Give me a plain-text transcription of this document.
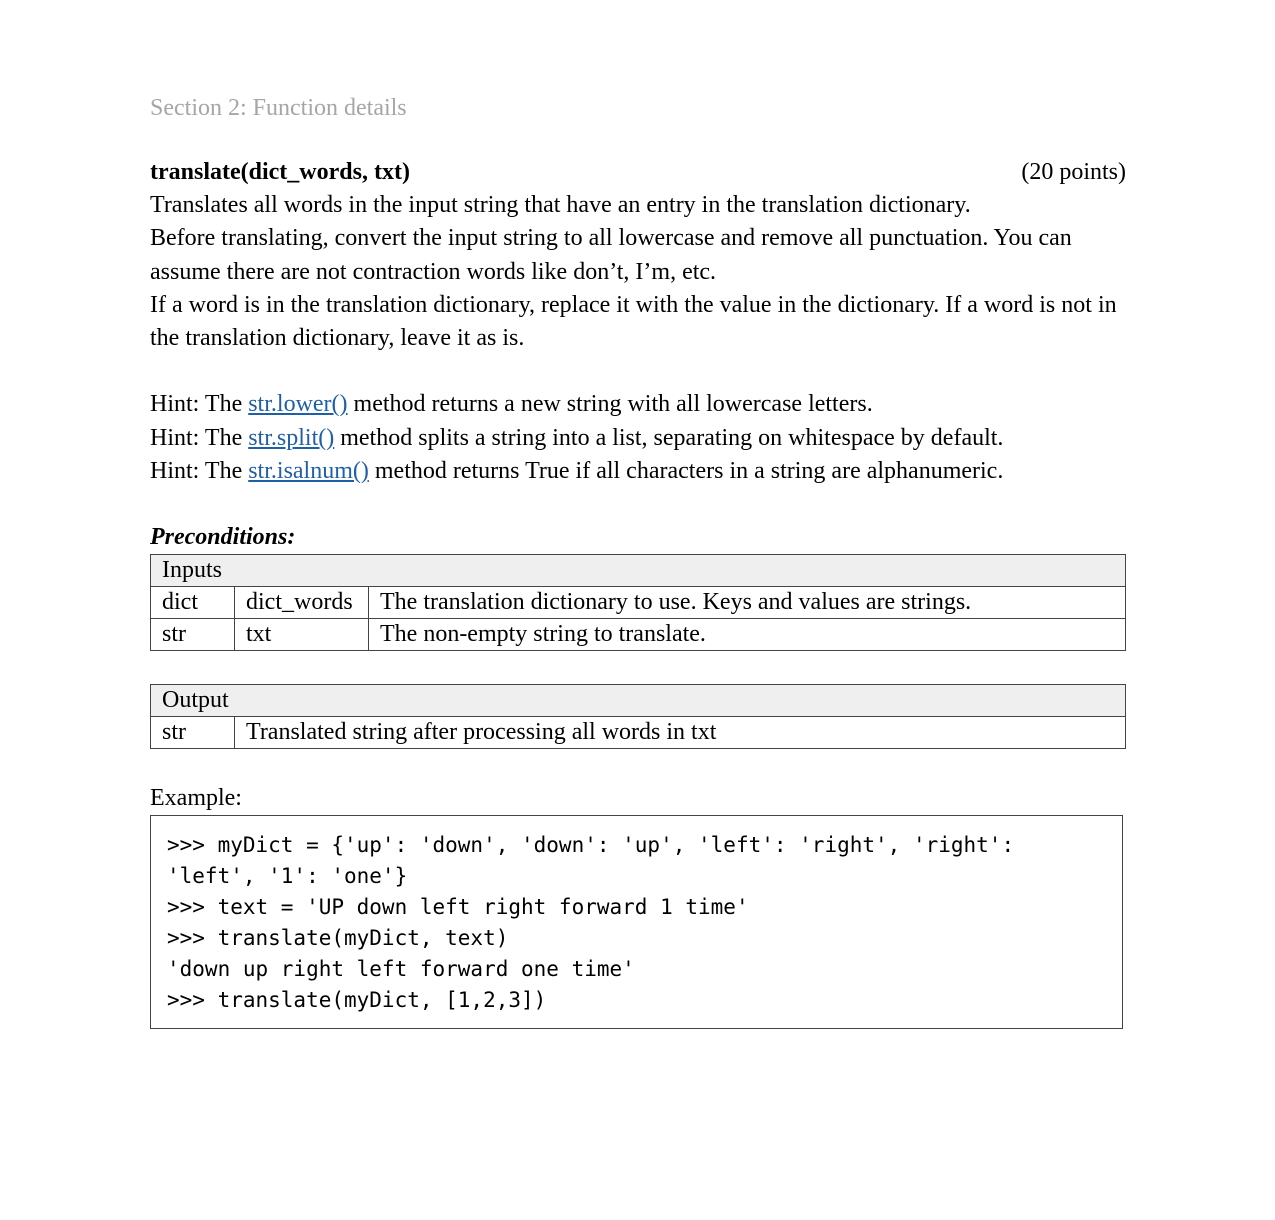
Section 2: Function details

translate(dict_words, txt)	(20 points)

Translates all words in the input string that have an entry in the translation dictionary.

Before translating, convert the input string to all lowercase and remove all punctuation. You can assume there are not contraction words like don’t, I’m, etc.

If a word is in the translation dictionary, replace it with the value in the dictionary. If a word is not in the translation dictionary, leave it as is.

Hint: The str.lower() method returns a new string with all lowercase letters.

Hint: The str.split() method splits a string into a list, separating on whitespace by default.

Hint: The str.isalnum() method returns True if all characters in a string are alphanumeric.

Preconditions:

Inputs		
dict	dict_words	The translation dictionary to use. Keys and values are strings.
str	txt	The non-empty string to translate.
Output
str	Translated string after processing all words in txt
Example:
>>> myDict = {'up': 'down', 'down': 'up', 'left': 'right', 'right':
'left', '1': 'one'}
>>> text = 'UP down left right forward 1 time'
>>> translate(myDict, text)
'down up right left forward one time'
>>> translate(myDict, [1,2,3])
